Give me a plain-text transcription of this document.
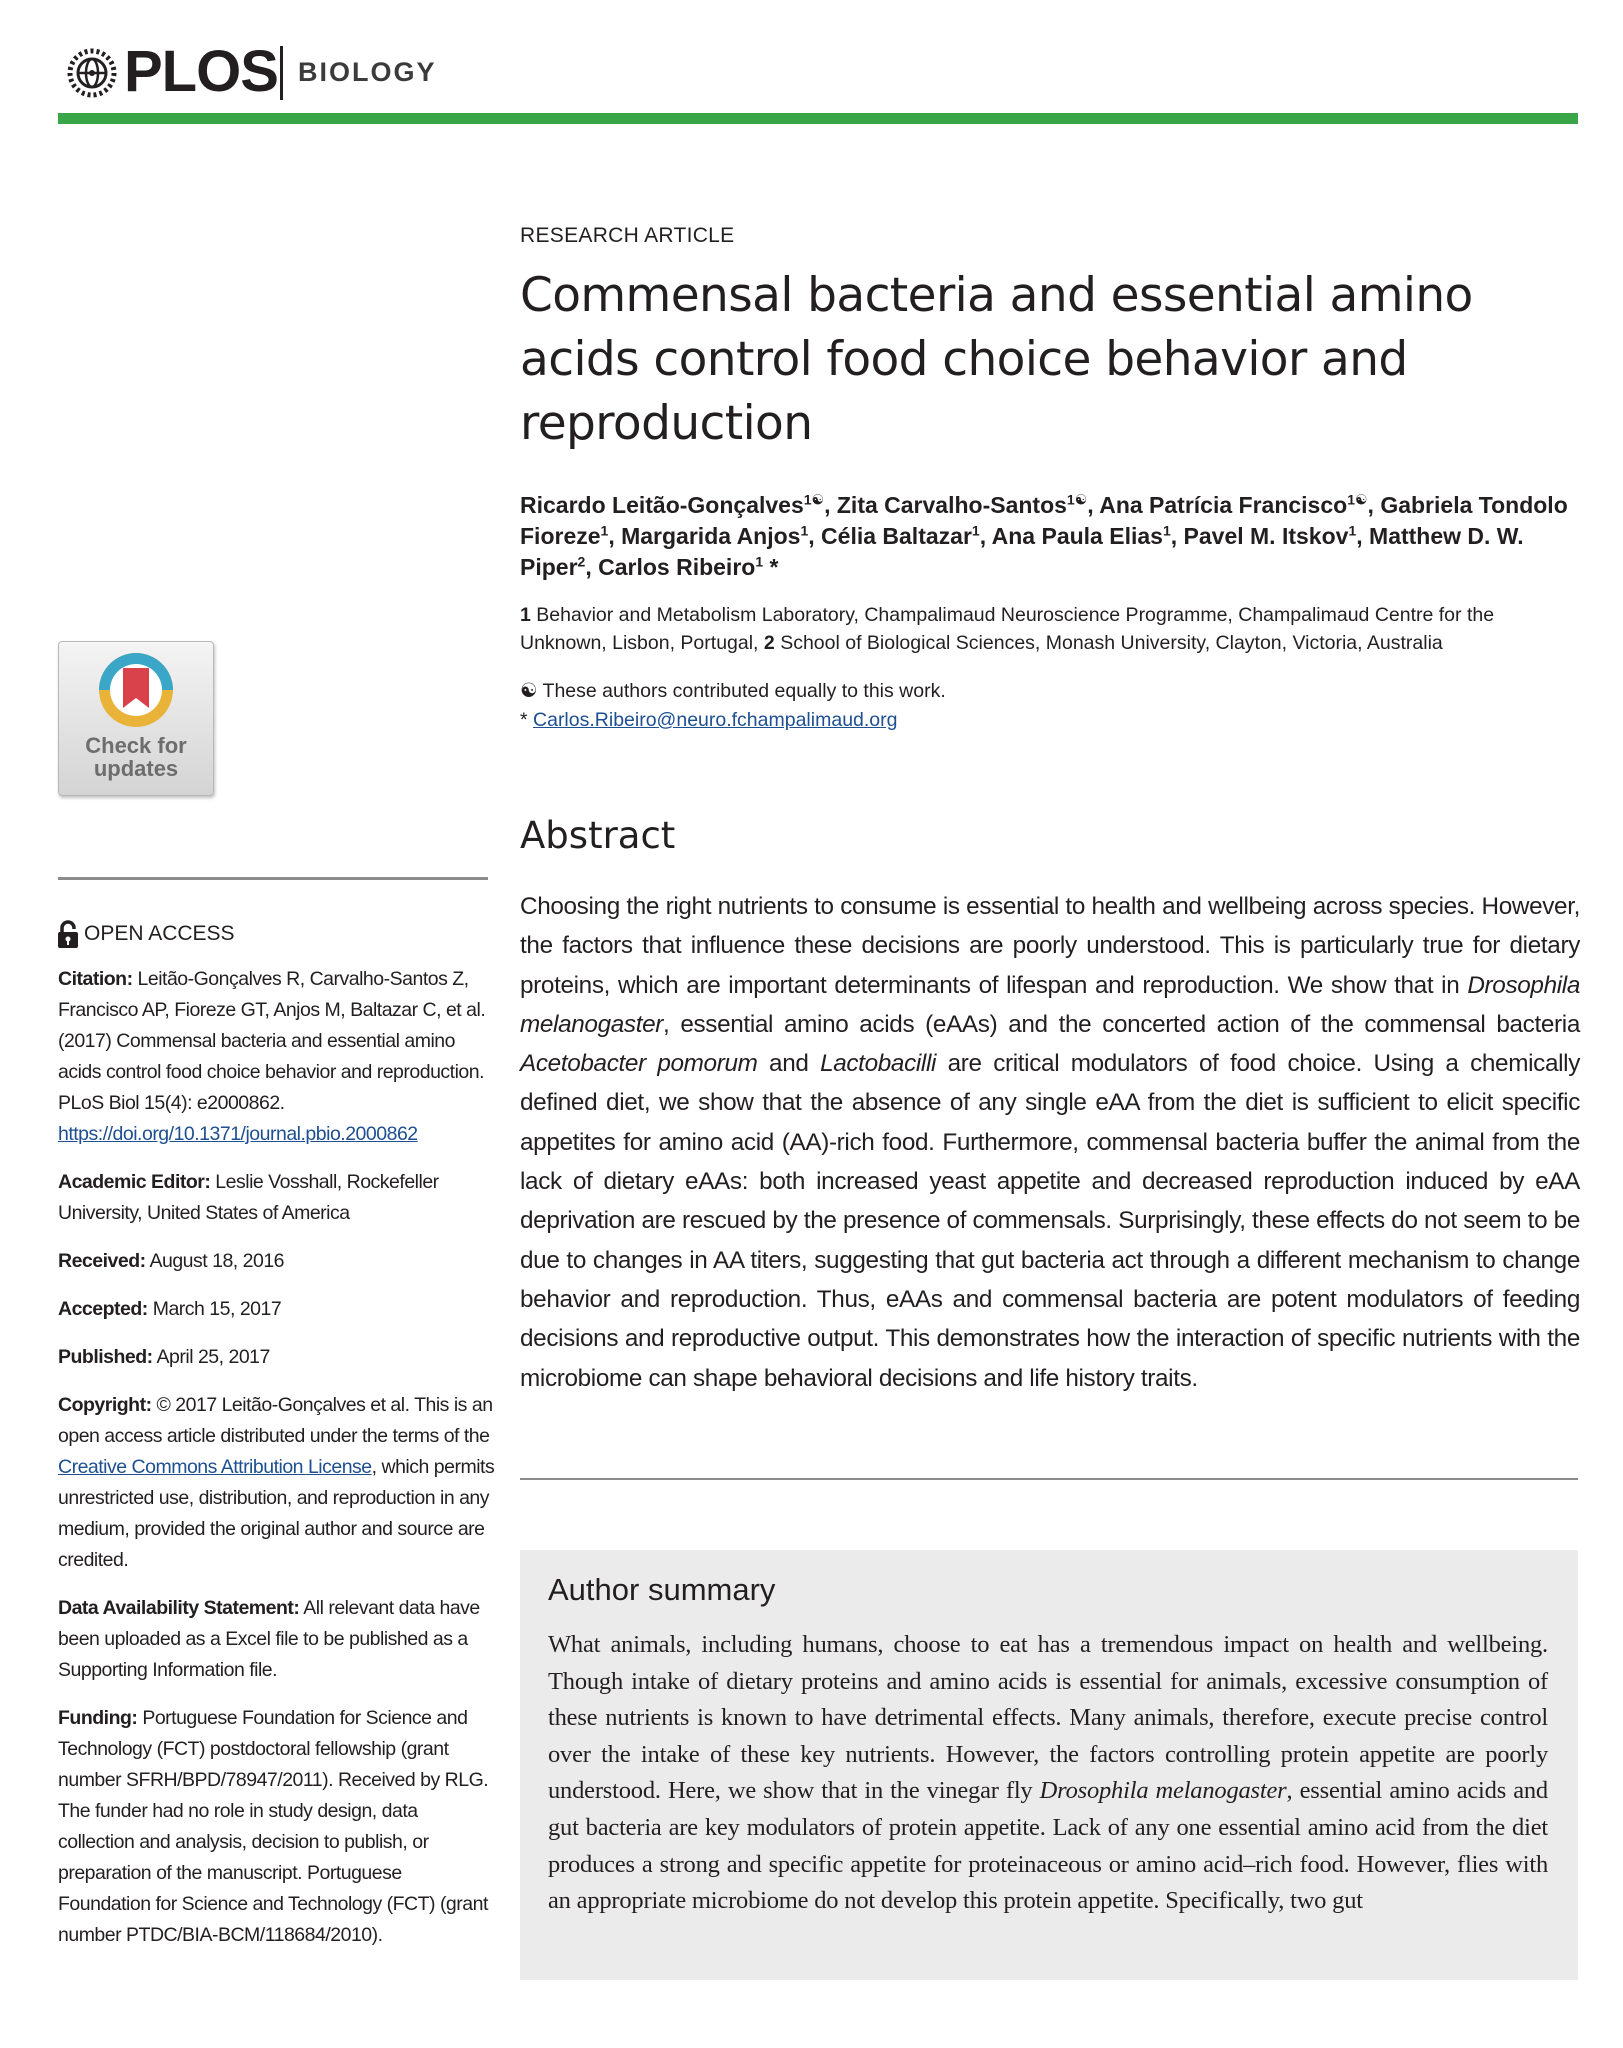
PLOS BIOLOGY
Check for
updates
OPEN ACCESS
Citation: Leitão-Gonçalves R, Carvalho-Santos Z, Francisco AP, Fioreze GT, Anjos M, Baltazar C, et al. (2017) Commensal bacteria and essential amino acids control food choice behavior and reproduction. PLoS Biol 15(4): e2000862. https://doi.org/10.1371/journal.pbio.2000862
Academic Editor: Leslie Vosshall, Rockefeller University, United States of America
Received: August 18, 2016
Accepted: March 15, 2017
Published: April 25, 2017
Copyright: © 2017 Leitão-Gonçalves et al. This is an open access article distributed under the terms of the Creative Commons Attribution License, which permits unrestricted use, distribution, and reproduction in any medium, provided the original author and source are credited.
Data Availability Statement: All relevant data have been uploaded as a Excel file to be published as a Supporting Information file.
Funding: Portuguese Foundation for Science and Technology (FCT) postdoctoral fellowship (grant number SFRH/BPD/78947/2011). Received by RLG. The funder had no role in study design, data collection and analysis, decision to publish, or preparation of the manuscript. Portuguese Foundation for Science and Technology (FCT) (grant number PTDC/BIA-BCM/118684/2010).
RESEARCH ARTICLE
Commensal bacteria and essential amino acids control food choice behavior and reproduction
Ricardo Leitão-Gonçalves$^{1☯}$, Zita Carvalho-Santos$^{1☯}$, Ana Patrícia Francisco$^{1☯}$, Gabriela Tondolo Fioreze$^1$, Margarida Anjos$^1$, Célia Baltazar$^1$, Ana Paula Elias$^1$, Pavel M. Itskov$^1$, Matthew D. W. Piper$^2$, Carlos Ribeiro$^1$ *
1 Behavior and Metabolism Laboratory, Champalimaud Neuroscience Programme, Champalimaud Centre for the Unknown, Lisbon, Portugal, 2 School of Biological Sciences, Monash University, Clayton, Victoria, Australia
☯ These authors contributed equally to this work.
* Carlos.Ribeiro@neuro.fchampalimaud.org
Abstract
Choosing the right nutrients to consume is essential to health and wellbeing across species. However, the factors that influence these decisions are poorly understood. This is particularly true for dietary proteins, which are important determinants of lifespan and reproduction. We show that in Drosophila melanogaster, essential amino acids (eAAs) and the concerted action of the commensal bacteria Acetobacter pomorum and Lactobacilli are critical modulators of food choice. Using a chemically defined diet, we show that the absence of any single eAA from the diet is sufficient to elicit specific appetites for amino acid (AA)-rich food. Furthermore, commensal bacteria buffer the animal from the lack of dietary eAAs: both increased yeast appetite and decreased reproduction induced by eAA deprivation are rescued by the presence of commensals. Surprisingly, these effects do not seem to be due to changes in AA titers, suggesting that gut bacteria act through a different mechanism to change behavior and reproduction. Thus, eAAs and commensal bacteria are potent modulators of feeding decisions and reproductive output. This demonstrates how the interaction of specific nutrients with the microbiome can shape behavioral decisions and life history traits.
Author summary
What animals, including humans, choose to eat has a tremendous impact on health and wellbeing. Though intake of dietary proteins and amino acids is essential for animals, excessive consumption of these nutrients is known to have detrimental effects. Many animals, therefore, execute precise control over the intake of these key nutrients. However, the factors controlling protein appetite are poorly understood. Here, we show that in the vinegar fly Drosophila melanogaster, essential amino acids and gut bacteria are key modulators of protein appetite. Lack of any one essential amino acid from the diet produces a strong and specific appetite for proteinaceous or amino acid–rich food. However, flies with an appropriate microbiome do not develop this protein appetite. Specifically, two gut
